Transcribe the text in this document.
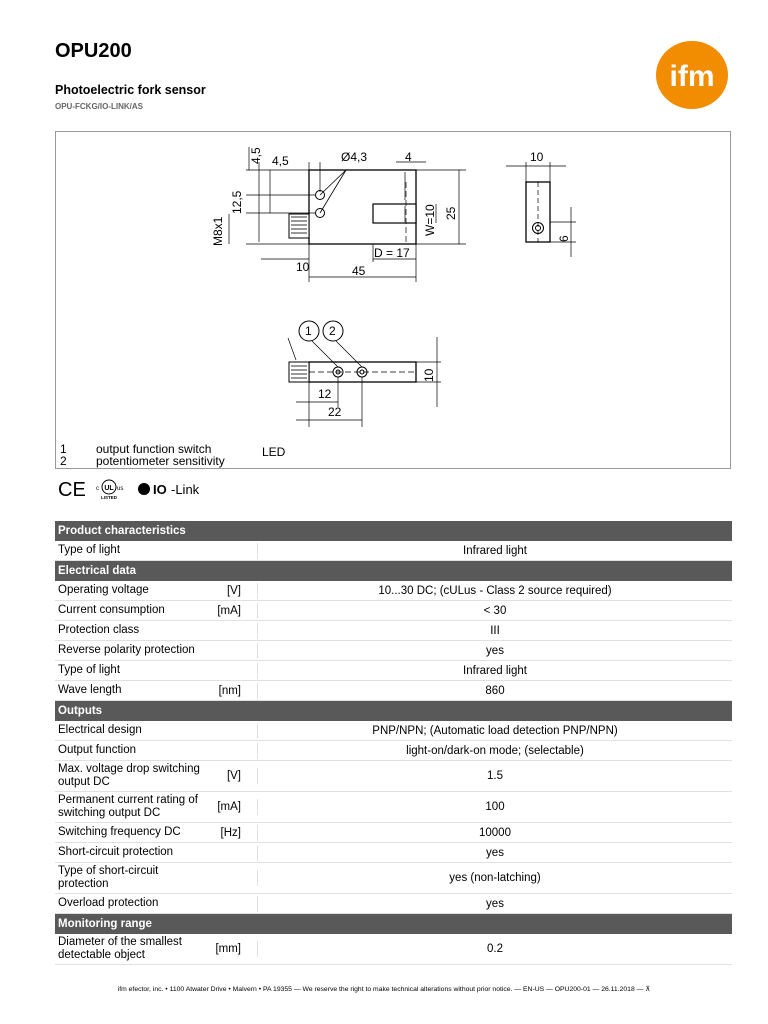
OPU200
Photoelectric fork sensor
OPU-FCKG/IO-LINK/AS
ifm
4,5	Ø4,3	4
10	45
D = 17
10
LED
1 2
12
22
4,5
12,5
M8x1	W=10 25
6
10
1	output function switch
2	potentiometer sensitivity
CE	UL
c	us
LISTED
IO -Link
Product characteristics
Type of light	Infrared light
Electrical data
Operating voltage	[V]	10...30 DC; (cULus - Class 2 source required)
Current consumption	[mA]	< 30
Protection class	III
Reverse polarity protection	yes
Type of light	Infrared light
Wave length	[nm]	860
Outputs
Electrical design	PNP/NPN; (Automatic load detection PNP/NPN)
Output function	light-on/dark-on mode; (selectable)
Max. voltage drop switching output DC	[V]	1.5
Permanent current rating of switching output DC	[mA]	100
Switching frequency DC	[Hz]	10000
Short-circuit protection	yes
Type of short-circuit protection	yes (non-latching)
Overload protection	yes
Monitoring range
Diameter of the smallest detectable object	[mm]	0.2
ifm efector, inc. • 1100 Atwater Drive • Malvern • PA 19355 — We reserve the right to make technical alterations without prior notice. — EN-US — OPU200-01 — 26.11.2018 — ⊼
